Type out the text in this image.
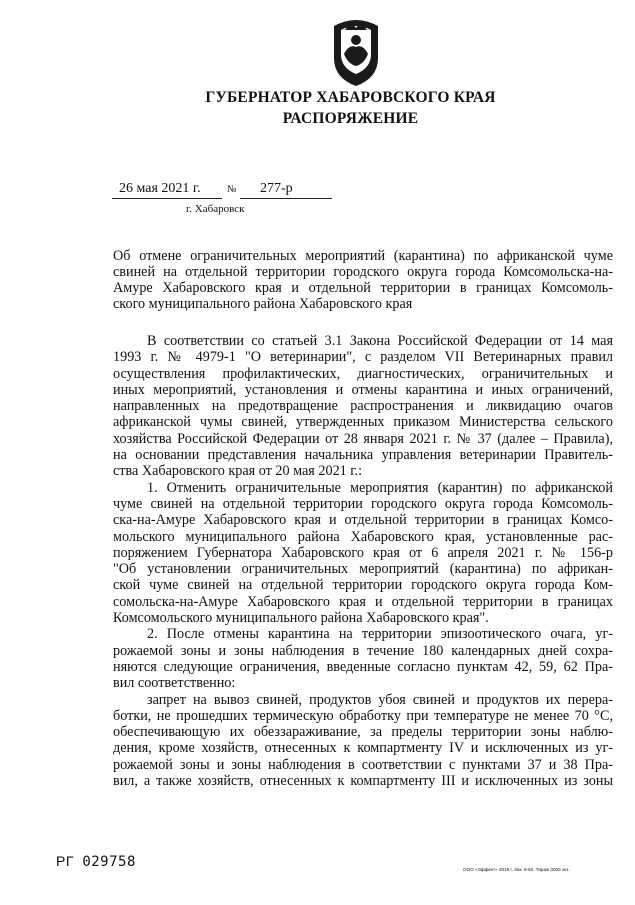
ГУБЕРНАТОР ХАБАРОВСКОГО КРАЯ
РАСПОРЯЖЕНИЕ
26 мая 2021 г.	№ 277-р
г. Хабаровск
Об отмене ограничительных мероприятий (карантина) по африканской чуме
свиней на отдельной территории городского округа города Комсомольска-на-
Амуре Хабаровского края и отдельной территории в границах Комсомоль-
ского муниципального района Хабаровского края
В соответствии со статьей 3.1 Закона Российской Федерации от 14 мая
1993 г. № 4979-1 "О ветеринарии", с разделом VII Ветеринарных правил
осуществления профилактических, диагностических, ограничительных и
иных мероприятий, установления и отмены карантина и иных ограничений,
направленных на предотвращение распространения и ликвидацию очагов
африканской чумы свиней, утвержденных приказом Министерства сельского
хозяйства Российской Федерации от 28 января 2021 г. № 37 (далее – Правила),
на основании представления начальника управления ветеринарии Правитель-
ства Хабаровского края от 20 мая 2021 г.:
1. Отменить ограничительные мероприятия (карантин) по африканской
чуме свиней на отдельной территории городского округа города Комсомоль-
ска-на-Амуре Хабаровского края и отдельной территории в границах Комсо-
мольского муниципального района Хабаровского края, установленные рас-
поряжением Губернатора Хабаровского края от 6 апреля 2021 г. № 156-р
"Об установлении ограничительных мероприятий (карантина) по африкан-
ской чуме свиней на отдельной территории городского округа города Ком-
сомольска-на-Амуре Хабаровского края и отдельной территории в границах
Комсомольского муниципального района Хабаровского края".
2. После отмены карантина на территории эпизоотического очага, уг-
рожаемой зоны и зоны наблюдения в течение 180 календарных дней сохра-
няются следующие ограничения, введенные согласно пунктам 42, 59, 62 Пра-
вил соответственно:
запрет на вывоз свиней, продуктов убоя свиней и продуктов их перера-
ботки, не прошедших термическую обработку при температуре не менее 70 °С,
обеспечивающую их обеззараживание, за пределы территории зоны наблю-
дения, кроме хозяйств, отнесенных к компартменту IV и исключенных из уг-
рожаемой зоны и зоны наблюдения в соответствии с пунктами 37 и 38 Пра-
вил, а также хозяйств, отнесенных к компартменту III и исключенных из зоны
РГ 029758	ООО «Эффект» 2019 г. Зак. 8-82. Тираж 3000 экз.
